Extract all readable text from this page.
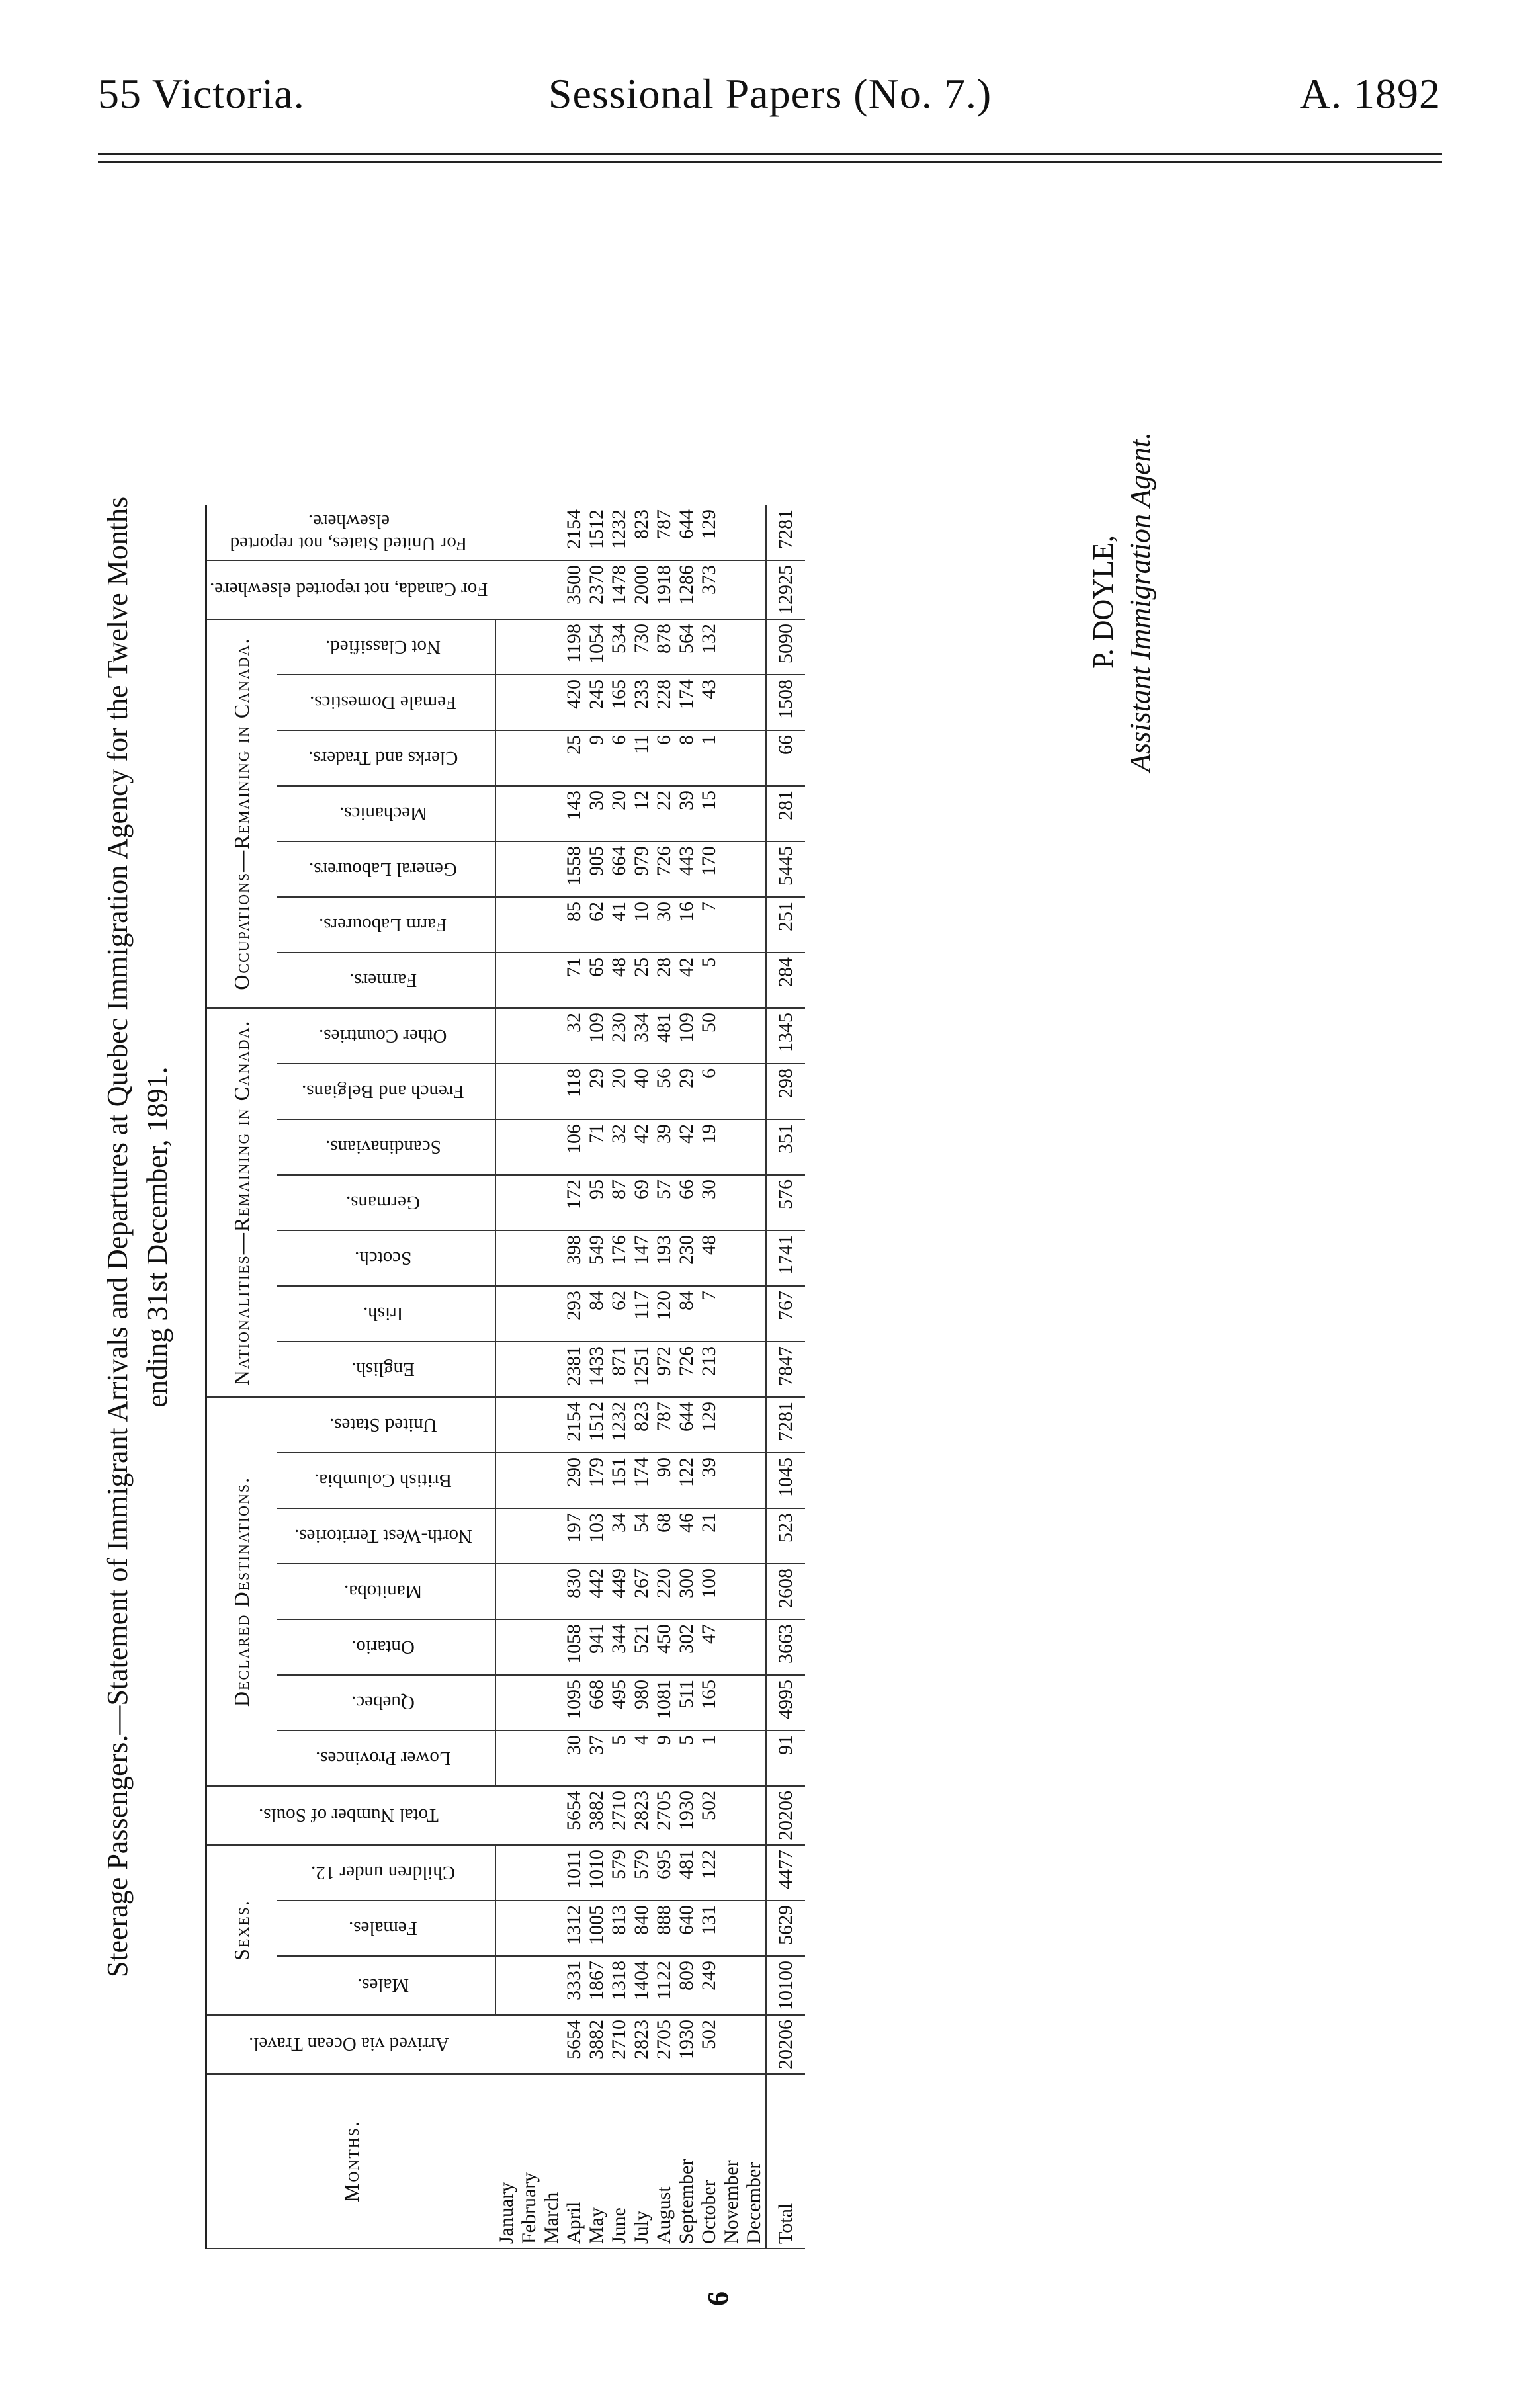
55 Victoria.	Sessional Papers (No. 7.)	A. 1892
Steerage Passengers.—Statement of Immigrant Arrivals and Departures at Quebec Immigration Agency for the Twelve Months ending 31st December, 1891.
6
Months.	Arrived via Ocean Travel.	Sexes.			Total Number of Souls.	Declared Destinations.							Nationalities—Remaining in Canada.							Occupations—Remaining in Canada.							For Canada, not reported elsewhere.	For United States, not reported elsewhere.
		Males.	Females.	Children under 12.		Lower Provinces.	Quebec.	Ontario.	Manitoba.	North-West Territories.	British Columbia.	United States.	English.	Irish.	Scotch.	Germans.	Scandinavians.	French and Belgians.	Other Countries.	Farmers.	Farm Labourers.	General Labourers.	Mechanics.	Clerks and Traders.	Female Domestics.	Not Classified.		
January																												
February																												
March																												
April	5654	3331	1312	1011	5654	30	1095	1058	830	197	290	2154	2381	293	398	172	106	118	32	71	85	1558	143	25	420	1198	3500	2154
May	3882	1867	1005	1010	3882	37	668	941	442	103	179	1512	1433	84	549	95	71	29	109	65	62	905	30	9	245	1054	2370	1512
June	2710	1318	813	579	2710	5	495	344	449	34	151	1232	871	62	176	87	32	20	230	48	41	664	20	6	165	534	1478	1232
July	2823	1404	840	579	2823	4	980	521	267	54	174	823	1251	117	147	69	42	40	334	25	10	979	12	11	233	730	2000	823
August	2705	1122	888	695	2705	9	1081	450	220	68	90	787	972	120	193	57	39	56	481	28	30	726	22	6	228	878	1918	787
September	1930	809	640	481	1930	5	511	302	300	46	122	644	726	84	230	66	42	29	109	42	16	443	39	8	174	564	1286	644
October	502	249	131	122	502	1	165	47	100	21	39	129	213	7	48	30	19	6	50	5	7	170	15	1	43	132	373	129
November																												
December																												
Total	20206	10100	5629	4477	20206	91	4995	3663	2608	523	1045	7281	7847	767	1741	576	351	298	1345	284	251	5445	281	66	1508	5090	12925	7281
P. DOYLE, Assistant Immigration Agent.
